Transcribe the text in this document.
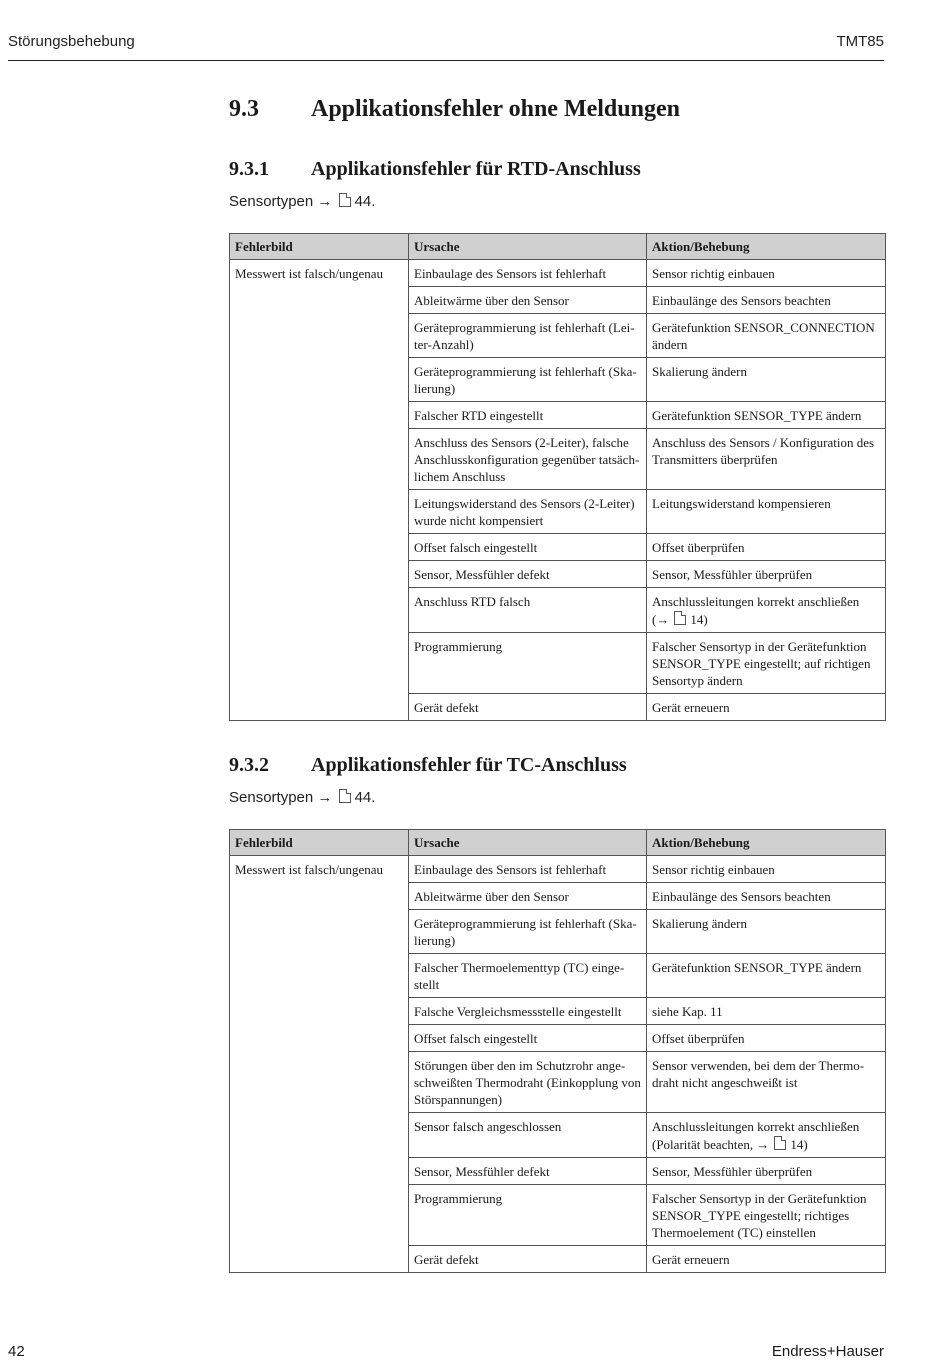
Störungsbehebung	TMT85
9.3 Applikationsfehler ohne Meldungen
9.3.1 Applikationsfehler für RTD-Anschluss
Sensortypen → 44.
Fehlerbild	Ursache	Aktion/Behebung
Messwert ist falsch/ungenau	Einbaulage des Sensors ist fehlerhaft	Sensor richtig einbauen
	Ableitwärme über den Sensor	Einbaulänge des Sensors beachten
	Geräteprogrammierung ist fehlerhaft (Leiter-Anzahl)	Gerätefunktion SENSOR_CONNECTION ändern
	Geräteprogrammierung ist fehlerhaft (Skalierung)	Skalierung ändern
	Falscher RTD eingestellt	Gerätefunktion SENSOR_TYPE ändern
	Anschluss des Sensors (2-Leiter), falsche Anschlusskonfiguration gegenüber tatsächlichem Anschluss	Anschluss des Sensors / Konfiguration des Transmitters überprüfen
	Leitungswiderstand des Sensors (2-Leiter) wurde nicht kompensiert	Leitungswiderstand kompensieren
	Offset falsch eingestellt	Offset überprüfen
	Sensor, Messfühler defekt	Sensor, Messfühler überprüfen
	Anschluss RTD falsch	Anschlussleitungen korrekt anschließen
(→ 14)
	Programmierung	Falscher Sensortyp in der Gerätefunktion SENSOR_TYPE eingestellt; auf richtigen Sensortyp ändern
	Gerät defekt	Gerät erneuern
9.3.2 Applikationsfehler für TC-Anschluss
Sensortypen → 44.
Fehlerbild	Ursache	Aktion/Behebung
Messwert ist falsch/ungenau	Einbaulage des Sensors ist fehlerhaft	Sensor richtig einbauen
	Ableitwärme über den Sensor	Einbaulänge des Sensors beachten
	Geräteprogrammierung ist fehlerhaft (Skalierung)	Skalierung ändern
	Falscher Thermoelementtyp (TC) eingestellt	Gerätefunktion SENSOR_TYPE ändern
	Falsche Vergleichsmessstelle eingestellt	siehe Kap. 11
	Offset falsch eingestellt	Offset überprüfen
	Störungen über den im Schutzrohr angeschweißten Thermodraht (Einkopplung von Störspannungen)	Sensor verwenden, bei dem der Thermodraht nicht angeschweißt ist
	Sensor falsch angeschlossen	Anschlussleitungen korrekt anschließen
(Polarität beachten, → 14)
	Sensor, Messfühler defekt	Sensor, Messfühler überprüfen
	Programmierung	Falscher Sensortyp in der Gerätefunktion SENSOR_TYPE eingestellt; richtiges Thermoelement (TC) einstellen
	Gerät defekt	Gerät erneuern
42	Endress+Hauser
